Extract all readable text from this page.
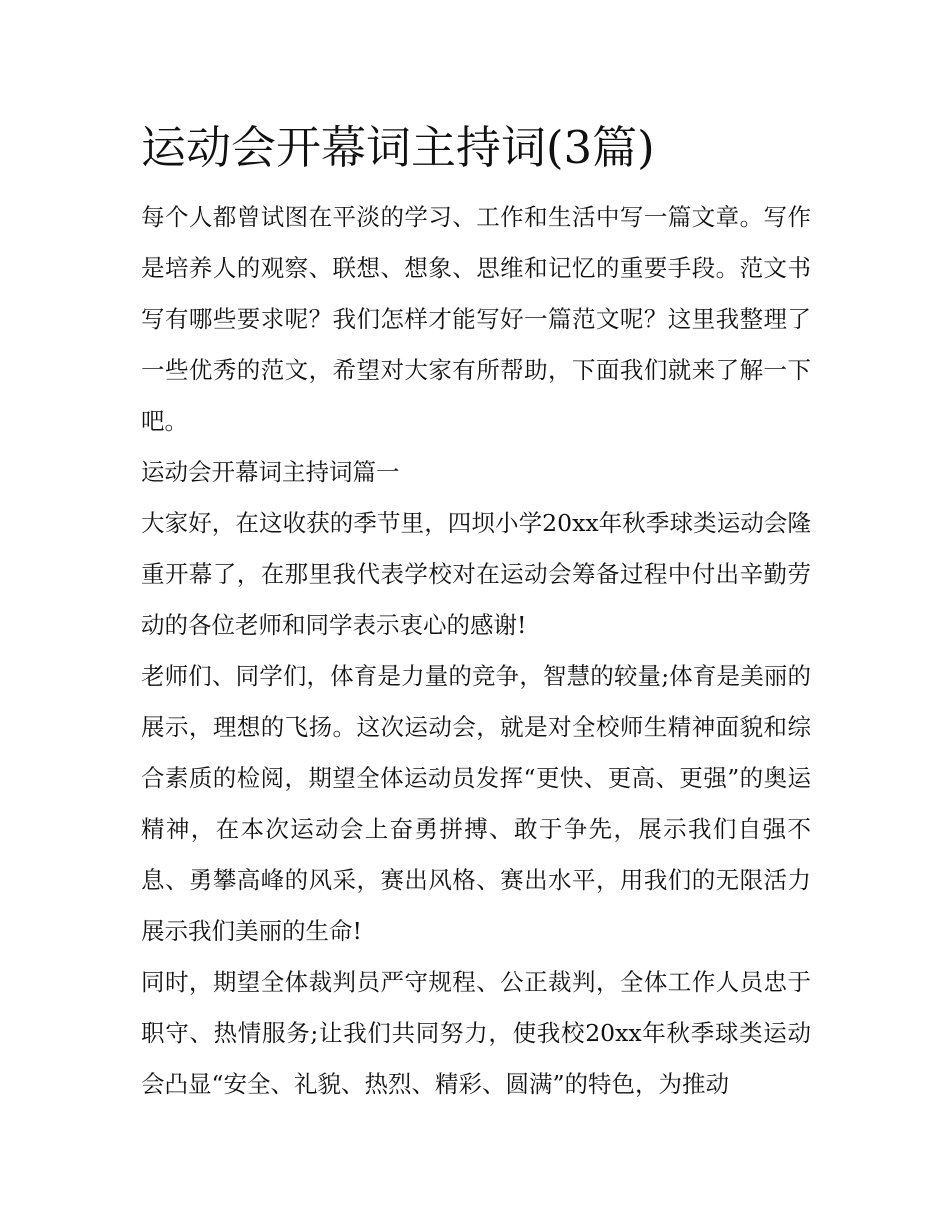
运动会开幕词主持词(3篇)

每个人都曾试图在平淡的学习、工作和生活中写一篇文章。写作是培养人的观察、联想、想象、思维和记忆的重要手段。范文书写有哪些要求呢？我们怎样才能写好一篇范文呢？这里我整理了一些优秀的范文，希望对大家有所帮助，下面我们就来了解一下吧。

运动会开幕词主持词篇一

大家好，在这收获的季节里，四坝小学20xx年秋季球类运动会隆重开幕了，在那里我代表学校对在运动会筹备过程中付出辛勤劳动的各位老师和同学表示衷心的感谢!

老师们、同学们，体育是力量的竞争，智慧的较量;体育是美丽的展示，理想的飞扬。这次运动会，就是对全校师生精神面貌和综合素质的检阅，期望全体运动员发挥“更快、更高、更强”的奥运精神，在本次运动会上奋勇拼搏、敢于争先，展示我们自强不息、勇攀高峰的风采，赛出风格、赛出水平，用我们的无限活力展示我们美丽的生命!

同时，期望全体裁判员严守规程、公正裁判，全体工作人员忠于职守、热情服务;让我们共同努力，使我校20xx年秋季球类运动会凸显“安全、礼貌、热烈、精彩、圆满”的特色，为推动
